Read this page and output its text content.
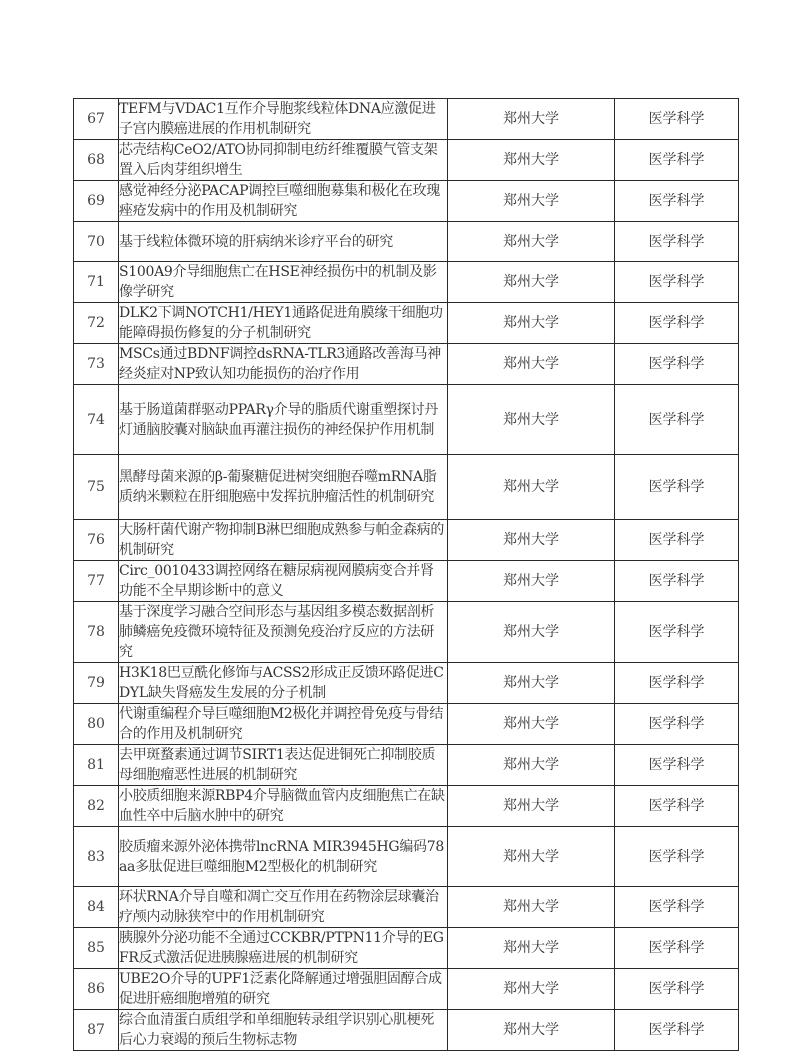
67	TEFM与VDAC1互作介导胞浆线粒体DNA应激促进子宫内膜癌进展的作用机制研究	郑州大学	医学科学
68	芯壳结构CeO2/ATO协同抑制电纺纤维覆膜气管支架置入后肉芽组织增生	郑州大学	医学科学
69	感觉神经分泌PACAP调控巨噬细胞募集和极化在玫瑰痤疮发病中的作用及机制研究	郑州大学	医学科学
70	基于线粒体微环境的肝病纳米诊疗平台的研究	郑州大学	医学科学
71	S100A9介导细胞焦亡在HSE神经损伤中的机制及影像学研究	郑州大学	医学科学
72	DLK2下调NOTCH1/HEY1通路促进角膜缘干细胞功能障碍损伤修复的分子机制研究	郑州大学	医学科学
73	MSCs通过BDNF调控dsRNA-TLR3通路改善海马神经炎症对NP致认知功能损伤的治疗作用	郑州大学	医学科学
74	基于肠道菌群驱动PPARγ介导的脂质代谢重塑探讨丹灯通脑胶囊对脑缺血再灌注损伤的神经保护作用机制	郑州大学	医学科学
75	黑酵母菌来源的β-葡聚糖促进树突细胞吞噬mRNA脂质纳米颗粒在肝细胞癌中发挥抗肿瘤活性的机制研究	郑州大学	医学科学
76	大肠杆菌代谢产物抑制B淋巴细胞成熟参与帕金森病的机制研究	郑州大学	医学科学
77	Circ_0010433调控网络在糖尿病视网膜病变合并肾功能不全早期诊断中的意义	郑州大学	医学科学
78	基于深度学习融合空间形态与基因组多模态数据剖析肺鳞癌免疫微环境特征及预测免疫治疗反应的方法研究	郑州大学	医学科学
79	H3K18巴豆酰化修饰与ACSS2形成正反馈环路促进CDYL缺失肾癌发生发展的分子机制	郑州大学	医学科学
80	代谢重编程介导巨噬细胞M2极化并调控骨免疫与骨结合的作用及机制研究	郑州大学	医学科学
81	去甲斑蝥素通过调节SIRT1表达促进铜死亡抑制胶质母细胞瘤恶性进展的机制研究	郑州大学	医学科学
82	小胶质细胞来源RBP4介导脑微血管内皮细胞焦亡在缺血性卒中后脑水肿中的研究	郑州大学	医学科学
83	胶质瘤来源外泌体携带lncRNA MIR3945HG编码78aa多肽促进巨噬细胞M2型极化的机制研究	郑州大学	医学科学
84	环状RNA介导自噬和凋亡交互作用在药物涂层球囊治疗颅内动脉狭窄中的作用机制研究	郑州大学	医学科学
85	胰腺外分泌功能不全通过CCKBR/PTPN11介导的EGFR反式激活促进胰腺癌进展的机制研究	郑州大学	医学科学
86	UBE2O介导的UPF1泛素化降解通过增强胆固醇合成促进肝癌细胞增殖的研究	郑州大学	医学科学
87	综合血清蛋白质组学和单细胞转录组学识别心肌梗死后心力衰竭的预后生物标志物	郑州大学	医学科学
